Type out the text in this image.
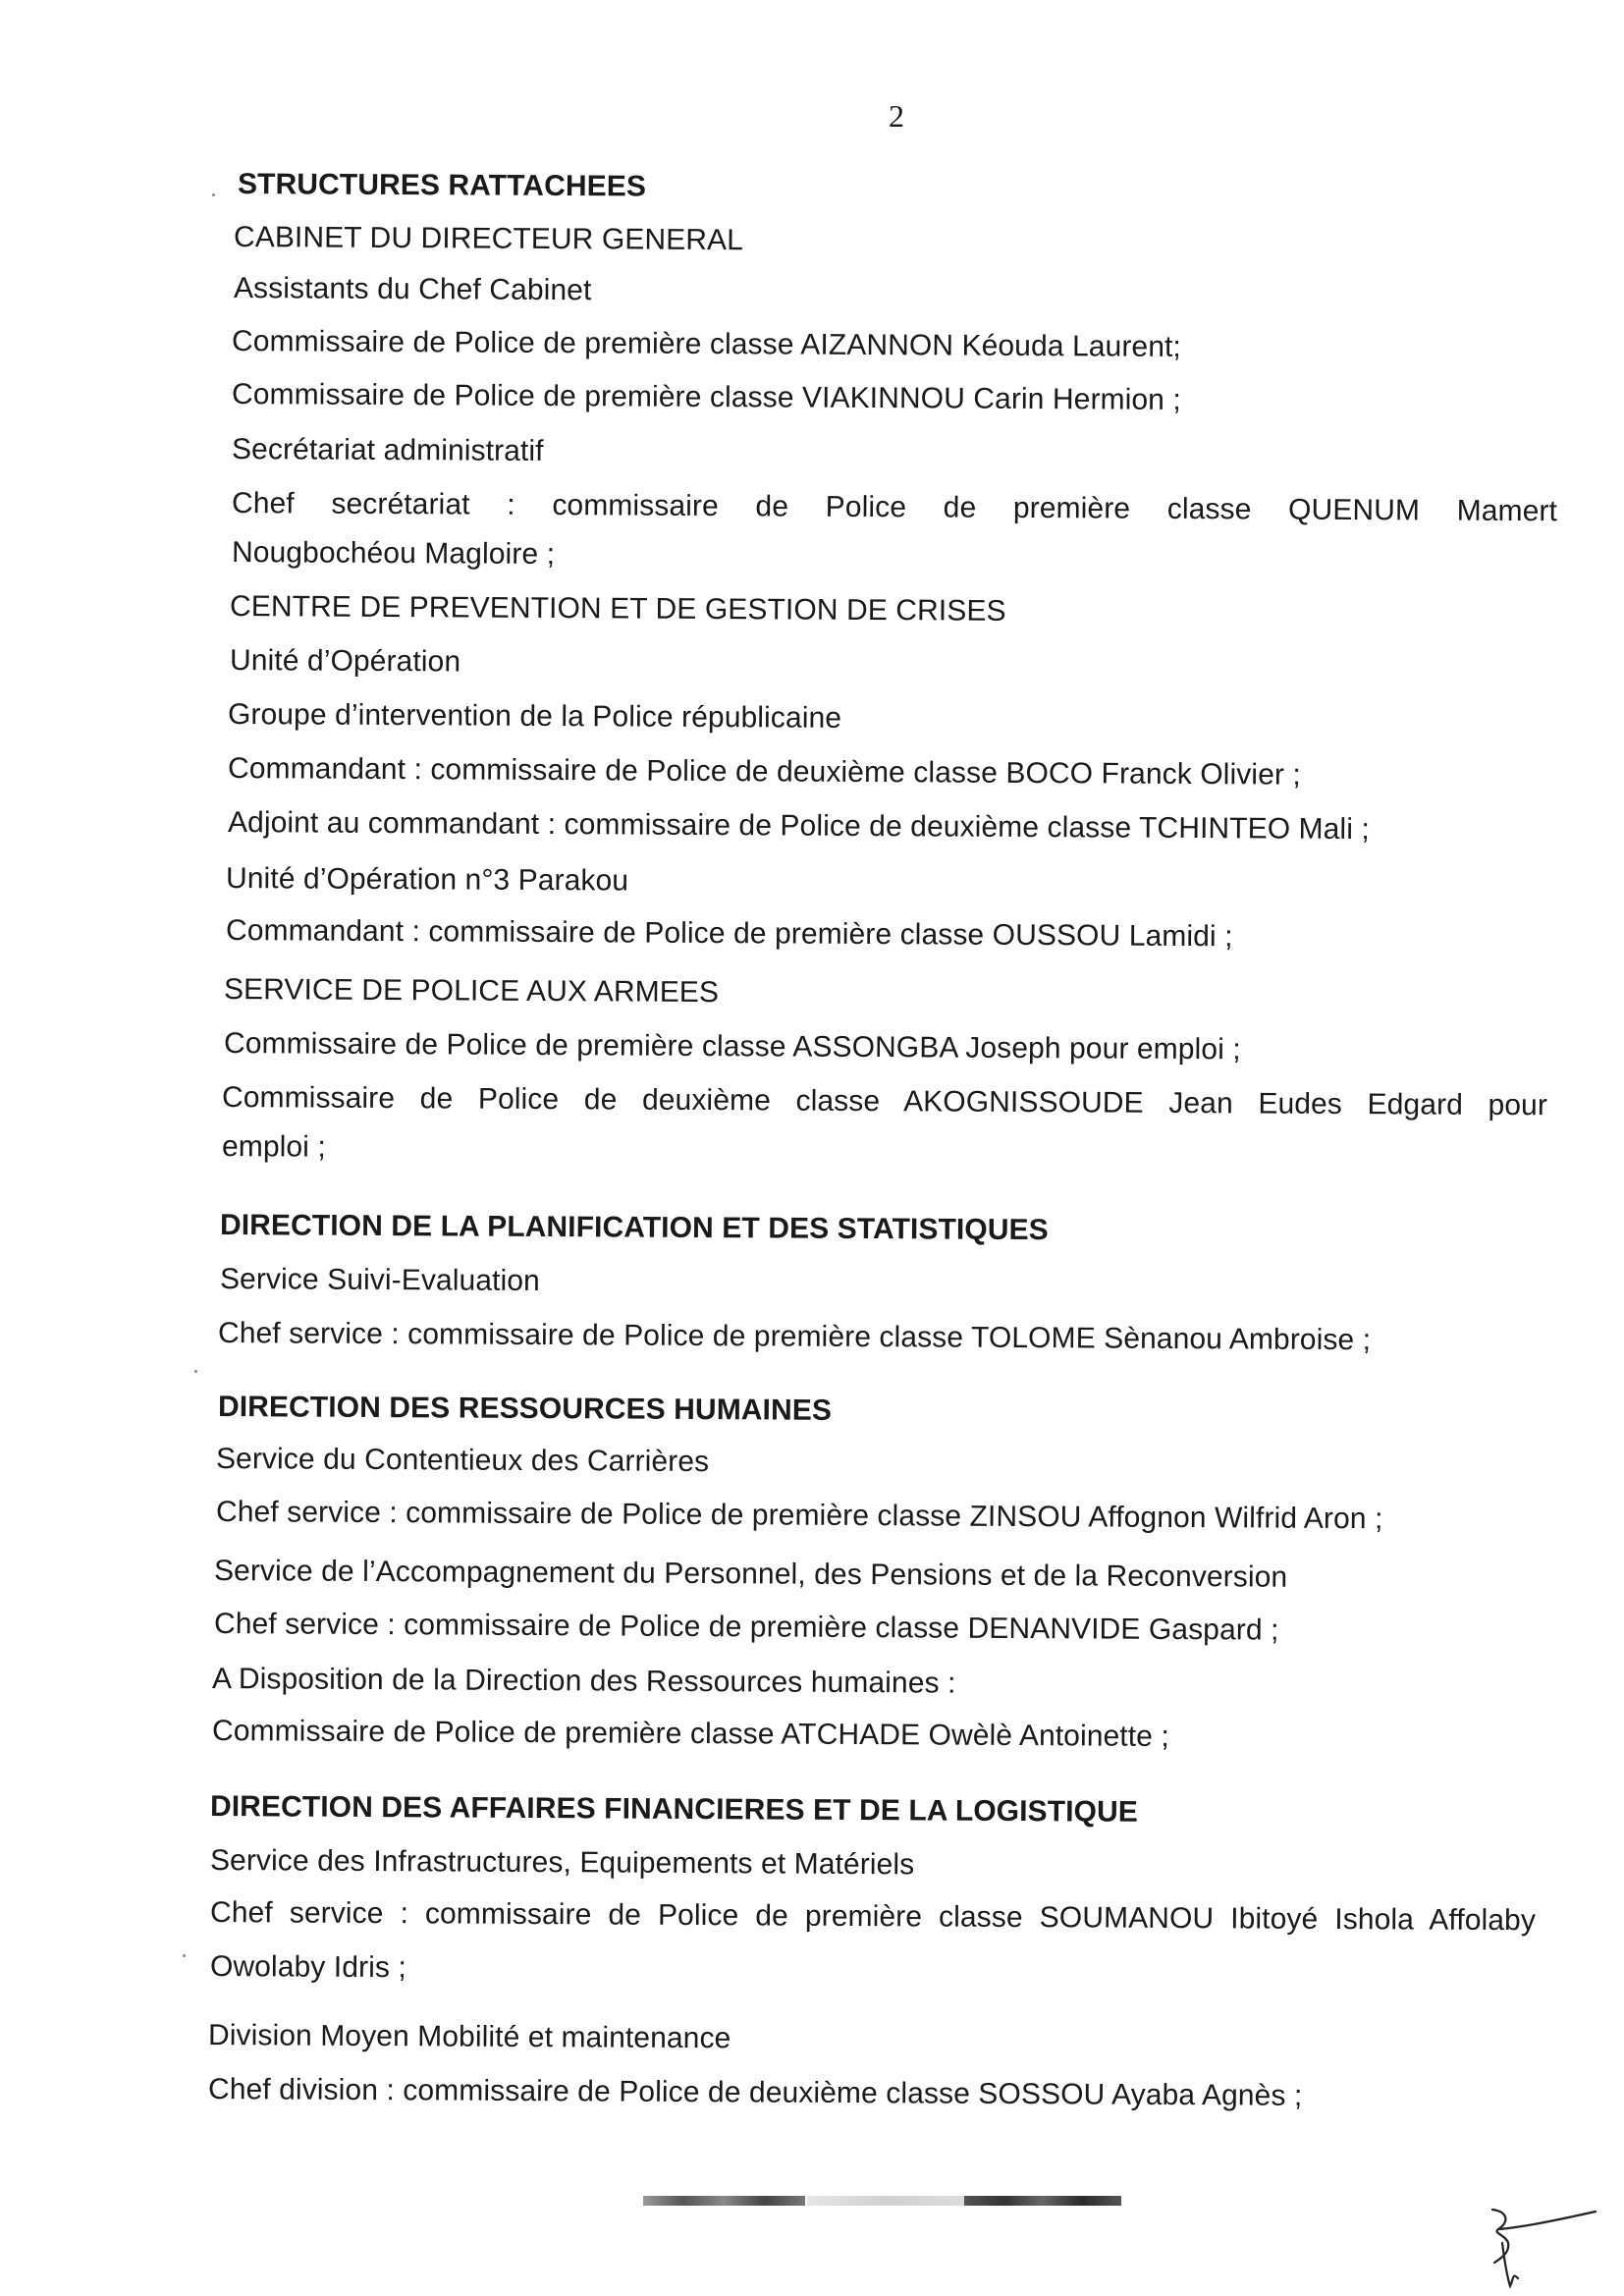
2
STRUCTURES RATTACHEES
CABINET DU DIRECTEUR GENERAL
Assistants du Chef Cabinet
Commissaire de Police de première classe AIZANNON Kéouda Laurent;
Commissaire de Police de première classe VIAKINNOU Carin Hermion ;
Secrétariat administratif
Chef secrétariat : commissaire de Police de première classe QUENUM Mamert
Nougbochéou Magloire ;
CENTRE DE PREVENTION ET DE GESTION DE CRISES
Unité d’Opération
Groupe d’intervention de la Police républicaine
Commandant : commissaire de Police de deuxième classe BOCO Franck Olivier ;
Adjoint au commandant : commissaire de Police de deuxième classe TCHINTEO Mali ;
Unité d’Opération n°3 Parakou
Commandant : commissaire de Police de première classe OUSSOU Lamidi ;
SERVICE DE POLICE AUX ARMEES
Commissaire de Police de première classe ASSONGBA Joseph pour emploi ;
Commissaire de Police de deuxième classe AKOGNISSOUDE Jean Eudes Edgard pour
emploi ;
DIRECTION DE LA PLANIFICATION ET DES STATISTIQUES
Service Suivi-Evaluation
Chef service : commissaire de Police de première classe TOLOME Sènanou Ambroise ;
DIRECTION DES RESSOURCES HUMAINES
Service du Contentieux des Carrières
Chef service : commissaire de Police de première classe ZINSOU Affognon Wilfrid Aron ;
Service de l’Accompagnement du Personnel, des Pensions et de la Reconversion
Chef service : commissaire de Police de première classe DENANVIDE Gaspard ;
A Disposition de la Direction des Ressources humaines :
Commissaire de Police de première classe ATCHADE Owèlè Antoinette ;
DIRECTION DES AFFAIRES FINANCIERES ET DE LA LOGISTIQUE
Service des Infrastructures, Equipements et Matériels
Chef service : commissaire de Police de première classe SOUMANOU Ibitoyé Ishola Affolaby
Owolaby Idris ;
Division Moyen Mobilité et maintenance
Chef division : commissaire de Police de deuxième classe SOSSOU Ayaba Agnès ;
